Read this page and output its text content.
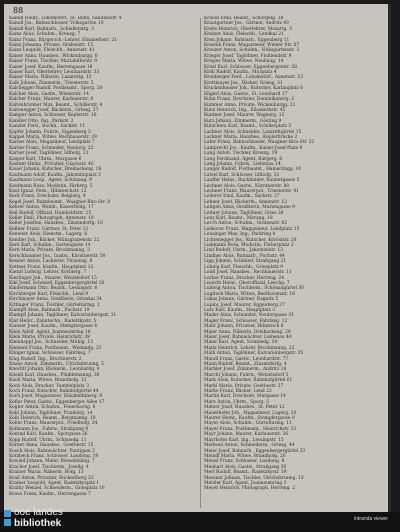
88

Kaindl Heinr., Lokomotivf., St. Bahn, Sanitätsstr. 4

Kaindl Jos., Bahnschlosser, Volksgarten 10

Kaindl Karl, Bahnarb., Schießstattg. 3

Kainz Alois, Schuhm., Kreuzg. 7

Kainz Franz, Bürgersch.-Lehrer, Elisabethstr. 21

Kainz Johanna, Private, Grabenstr. 15

Kainz Leopold, Fleischh., Annenstr. 41

Kaiser Anna, Hausbes., Wickenburgg. 6

Kaiser Franz, Tischler, Mariahilferstr. 9

Kaiser Josef, Kaufm., Herrengasse 18

Kaiser Karl, Oberlehrer, Leonhardstr. 33

Kaiser Maria, Näherin, Lazarettg. 12

Kalb Johann, Zimmerm., Triesterstr. 5

Kalchegger Rudolf, Postbeamt., Sporg. 20

Kalcher Alois, Gastw., Wienerstr. 14

Kalcher Franz, Maurer, Karlauerstr. 8

Kaltenbrunner Max, Beamt., Schillerstr. 4

Kaltenegger Josef, Bäckerm., Griesg. 27

Kamper Anton, Schlosser, Keplerstr. 16

Kandler Otto, Ing., Parkstr. 2

Kanzler Ferd., Buchh., Sackstr. 11

Kapfer Johann, Fuhrw., Eggenberg 3

Kappel Maria, Witwe, Rechbauerstr. 29

Karner Alois, Magazineur, Lendplatz 7

Karner Franz, Schneider, Neutorg. 22

Karner Josef, Taglöhner, Idlhofg. 13

Kasper Karl, Uhrm., Murgasse 6

Kastner Heinr., Privatier, Glacisstr. 40

Kauer Johann, Kutscher, Dreihackeng. 18

Kaufmann Adolf, Kaufm., Jakominiplatz 3

Kaufmann Leop., Agent, Schönaug. 9

Kaufmann Rosa, Modistin, Färberg. 5

Kaut Ignaz, Pens., Hilmteichstr. 12

Keck Franz, Drechsler, Belgierg. 4

Kegel Josef, Bahnbeamt., Waagner-Biro-Str. 8

Kehrer Anton, Weinh., Kaiserfeldg. 17

Keil Rudolf, Offizial, Humboldtstr. 25

Keller Emil, Photograph, Annenstr. 19

Keller Josefine, Hausbes., Zinzendorfg. 10

Kellner Franz, Gärtner, St. Peter 31

Kemeter Alois, Dienstm., Lagerg. 6

Kendler Joh., Bäcker, Münzgrabenstr. 22

Kern Karl, Schuhm., Gartengasse 14

Kern Maria, Private, Brockmanng. 3

Kerschbaumer Jos., Gastw., Kärntnerstr. 50

Kessler Anton, Lackierer, Vinzenzg. 8

Kettner Franz, Kaufm., Hauptplatz 12

Kienzl Ludwig, Lehrer, Körblerg. 7

Kieslinger Joh., Maurer, Wetzelsdorf 15

Kikl Josef, Schmied, Eggenbergergürtel 20

Kindermann Otto, Beamt., Lessingstr. 6

Kirchberger Karl, Fleischh., Lend 9

Kirchmayer Anna, Greißlerin, Grieskai 34

Kittinger Franz, Tischler, Gürtelturmg. 2

Klampfl Alois, Bahnarb., Puchstr. 19

Klampfl Johann, Taglöhner, Kalvarienbergstr. 11

Klar Heinr., Zahntechn., Radetzkystr. 5

Klauser Josef, Kaufm., Stempfergasse 4

Klein Adolf, Agent, Joanneumring 16

Klein Marie, Private, Heinrichstr. 39

Kleinhappl Jos., Schneider, Mühlg. 13

Klement Franz, Postbeamt., Wielandg. 21

Klinger Ignaz, Schlosser, Fabriksg. 7

Klug Rudolf, Ing., Brucknerstr. 2

Knaus Anton, Zimmerm., Ulrichsbrunng. 5

Knechtl Johann, Bäckerm., Leonhardg. 8

Kneißl Karl, Hausbes., Plüddemanng. 30

Knoll Maria, Witwe, Brandhofg. 12

Koch Alois, Drucker, Tummelplatz 3

Koch Franz, Kutscher, Bahnhofgürtel 44

Koch Josef, Magazineur, Elisabethinerg. 9

Kofler Peter, Gastw., Eggenberger Allee 17

Kogler Anton, Schuhm., Feuerbachg. 6

Kohl Johann, Taglöhner, Prankerg. 14

Kolb Heinrich, Beamt., Bergmanng. 10

Koller Franz, Maurerpol., Friedhofg. 24

Kollmann Jos., Fuhrw., Straßgang 8

Konrad Karl, Kaufm., Sporgasse 26

Kopp Rudolf, Uhrm., Schmiedg. 11

Körner Anna, Hausbes., Goethestr. 15

Kosch Alois, Bahnwächter, Puntigam 2

Kotzbeck Franz, Schlosser, Laudong. 19

Kowald Johann, Maler, Rösselmühlg. 7

Kracher Josef, Tischlerm., Josefig. 4

Krainer Maria, Näherin, Hofg. 13

Krall Anton, Privatier, Ruckerlberg 22

Kramer Leopold, Agent, Radetzkyspitz 1

Kratky Wenzel, Schneiderm., Griesplatz 16

Kraus Franz, Kaufm., Herrengasse 7

Krausz Emil, Beamt., Schörgelg. 18

Krautgartner Jos., Gärtner, Andritz 40

Krebs Heinrich, Oberlehrer, Mozartg. 5

Kreiner Alois, Fleischh., Lendkai 21

Kren Johann, Bahnarb., Eggenberg 11

Kresnik Franz, Magazineur, Wiener Str. 67

Kreuzer Anton, Schuhm., Volksgartenstr. 3

Krieger Josef, Taglöhner, Floßlendstr. 9

Krisper Maria, Witwe, Neubaug. 14

Kristl Karl, Schlosser, Eggenbergerstr. 28

Kröll Rudolf, Kaufm., Murplatz 4

Kronberger Ferd., Lokomotivf., Annenstr. 53

Krottmayer Jos., Bäcker, Griesg. 31

Kruckenhauser Joh., Kutscher, Karlauplatz 6

Kügerl Alois, Gastw., St. Leonhard 17

Kuhn Franz, Drechsler, Dominikanerg. 2

Kummer Anna, Private, Wickenburgg. 21

Kunz Heinrich, Ing., Elisabethstr. 45

Kuntner Josef, Maurer, Wagnerg. 12

Kurz Johann, Zimmerm., Gösting 9

Kutschera Karl, Beamt., Schillerplatz 3

Lackner Alois, Schneider, Lazarettgürtel 15

Lackner Maria, Hausbes., Keplerbrücke 2

Lafer Franz, Bahnschlosser, Waagner-Biro-Str. 22

Lamprecht Jos., Kaufm., Kaiser-Josef-Platz 8

Lang Anton, Tischler, Kreuzg. 19

Lang Ferdinand, Agent, Bürgerg. 6

Lang Johann, Fuhrw., Liebenau 14

Langer Rudolf, Postbeamt., Hamerlingg. 10

Latzel Karl, Schlosser, Idlhofg. 33

Lauffer Heinr., Buchbinder, Raubergasse 5

Lechner Alois, Gastw., Kärntnerstr. 88

Lechner Franz, Maurerpol., Triesterstr. 41

Lederer Emil, Kaufm., Sackstr. 27

Lehner Josef, Bäckerm., Annenstr. 12

Leitgeb Anna, Greißlerin, Mariengasse 9

Leitner Johann, Taglöhner, Gries 36

Lenz Karl, Beamt., Merang. 18

Lerch Anton, Schuhm., Grabenstr. 62

Leskovar Franz, Magazineur, Lendplatz 15

Leuzinger Max, Ing., Parkring 4

Lichtenegger Jos., Kutscher, Körösistr. 26

Liebmann Rosa, Modistin, Färberplatz 2

Lind Rudolf, Uhrm., Jakoministr. 13

Lindner Alois, Bahnarb., Puchstr. 44

Lipp Johann, Schmied, Straßgang 21

Lobnig Karl, Fleischh., Griesplatz 9

Loidl Josef, Hausbes., Rechbauerstr. 11

Lorber Franz, Drucker, Herreng. 24

Loserth Heinr., Oberoffizial, Leechg. 7

Ludwig Anton, Tischlerm., Schönaugürtel 30

Lugitsch Maria, Witwe, Beethovenstr. 16

Lukas Johann, Gärtner, Ragnitz 5

Lupinc Josef, Maurer, Eggenberg 27

Lutz Karl, Kaufm., Hauptplatz 3

Mader Alois, Schneider, Neutorgasse 31

Mager Franz, Schlosser, Fabriksg. 12

Mahr Johann, Privatier, Hilmteich 6

Maier Anna, Näherin, Dreihackeng. 29

Maier Josef, Bahnwächter, Liebenau 40

Maier Karl, Agent, Schmiedg. 19

Maitz Heinrich, Lehrer, Brockmanng. 22

Malli Anton, Taglöhner, Kalvarienbergstr. 35

Mandl Franz, Gastw., Leonhardstr. 77

Mann Rudolf, Beamt., Zinzendorfg. 4

Marbler Josef, Zimmerm., Andritz 18

Marchl Johann, Fuhrw., Wetzelsdorf 3

Mark Alois, Kutscher, Bahnhofgürtel 61

Markl Maria, Private, Goethestr. 27

Marko Franz, Bäcker, Lend 23

Martin Karl, Drechsler, Murgasse 14

Marx Anton, Uhrm., Sporg. 5

Matzer Josef, Hausbes., St. Peter 12

Mauerhofer Joh., Magazineur, Lagerg. 20

Maurer Heinr., Kaufm., Stempfergasse 9

Mayer Alois, Schuhm., Gürtelturmg. 11

Mayer Franz, Postbeamt., Heinrichstr. 51

Mayr Johann, Maurer, Karlauerstr. 36

Mayrhofer Karl, Ing., Lessingstr. 15

Medwed Anton, Schneiderm., Griesg. 44

Meier Josef, Bahnarb., Eggenbergergürtel 33

Meindl Maria, Witwe, Brandhofg. 20

Meissl Franz, Schlosser, Laudong. 8

Menhart Alois, Gastw., Straßgang 30

Merl Rudolf, Beamt., Radetzkystr. 19

Messner Johann, Tischler, Ulrichsbrunng. 12

Metzler Karl, Agent, Joanneumring 3

Meyer Heinrich, Photograph, Herreng. 2

ooe landes
bibliothek	intranda viewer
